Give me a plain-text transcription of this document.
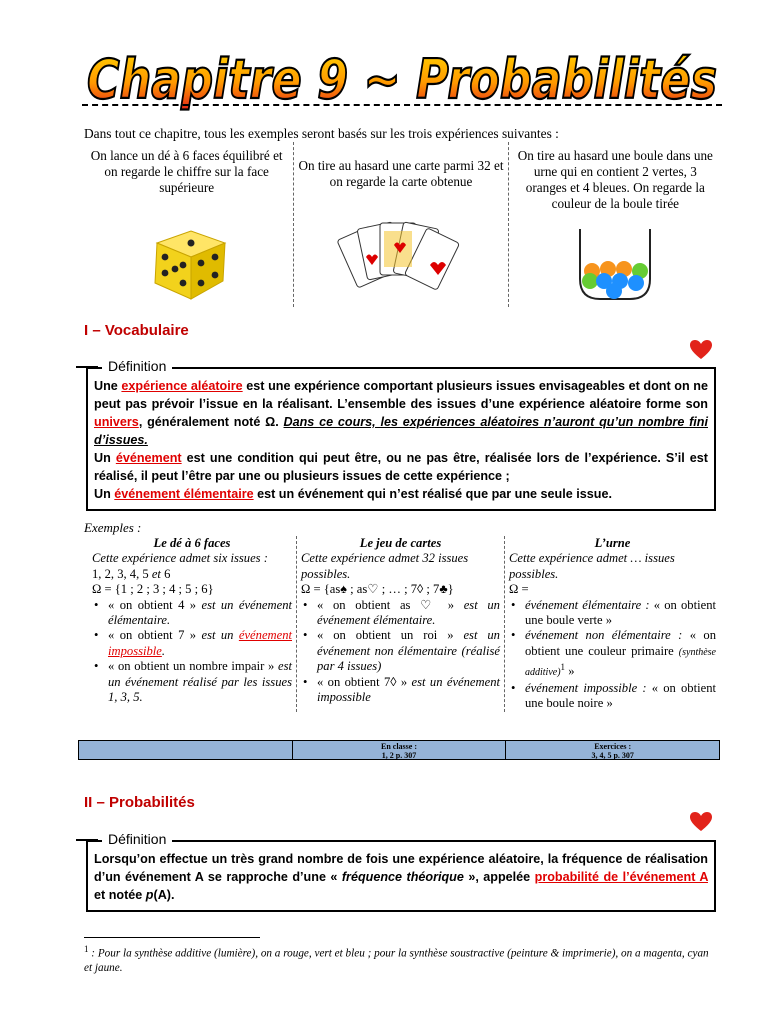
Chapitre 9 ~ Probabilités
Dans tout ce chapitre, tous les exemples seront basés sur les trois expériences suivantes :
On lance un dé à 6 faces équilibré et on regarde le chiffre sur la face supérieure
On tire au hasard une carte parmi 32 et on regarde la carte obtenue
On tire au hasard une boule dans une urne qui en contient 2 vertes, 3 oranges et 4 bleues. On regarde la couleur de la boule tirée
I – Vocabulaire
Définition
Une expérience aléatoire est une expérience comportant plusieurs issues envisageables et dont on ne peut pas prévoir l’issue en la réalisant. L’ensemble des issues d’une expérience aléatoire forme son univers, généralement noté Ω. Dans ce cours, les expériences aléatoires n’auront qu’un nombre fini d’issues.
Un événement est une condition qui peut être, ou ne pas être, réalisée lors de l’expérience. S’il est réalisé, il peut l’être par une ou plusieurs issues de cette expérience ;
Un événement élémentaire est un événement qui n’est réalisé que par une seule issue.
Exemples :
Le dé à 6 faces

Cette expérience admet six issues :

1, 2, 3, 4, 5 et 6
Ω = {1 ; 2 ; 3 ; 4 ; 5 ; 6}
• « on obtient 4 » est un événement élémentaire.
• « on obtient 7 » est un événement impossible.
• « on obtient un nombre impair » est un événement réalisé par les issues 1, 3, 5.
Le jeu de cartes

Cette expérience admet 32 issues possibles.

Ω = {as♠ ; as♡ ; … ; 7◊ ; 7♣}
• « on obtient as ♡ » est un événement élémentaire.
• « on obtient un roi » est un événement non élémentaire (réalisé par 4 issues)
• « on obtient 7◊ » est un événement impossible
L’urne

Cette expérience admet … issues possibles.

Ω =
• événement élémentaire : « on obtient une boule verte »
• événement non élémentaire : « on obtient une couleur primaire (synthèse additive)$^1$ »
• événement impossible : « on obtient une boule noire »
En classe :
1, 2 p. 307
Exercices :
3, 4, 5 p. 307
II – Probabilités
Définition
Lorsqu’on effectue un très grand nombre de fois une expérience aléatoire, la fréquence de réalisation d’un événement A se rapproche d’une « fréquence théorique », appelée probabilité de l’événement A et notée p(A).
$^1$ : Pour la synthèse additive (lumière), on a rouge, vert et bleu ; pour la synthèse soustractive (peinture & imprimerie), on a magenta, cyan et jaune.
